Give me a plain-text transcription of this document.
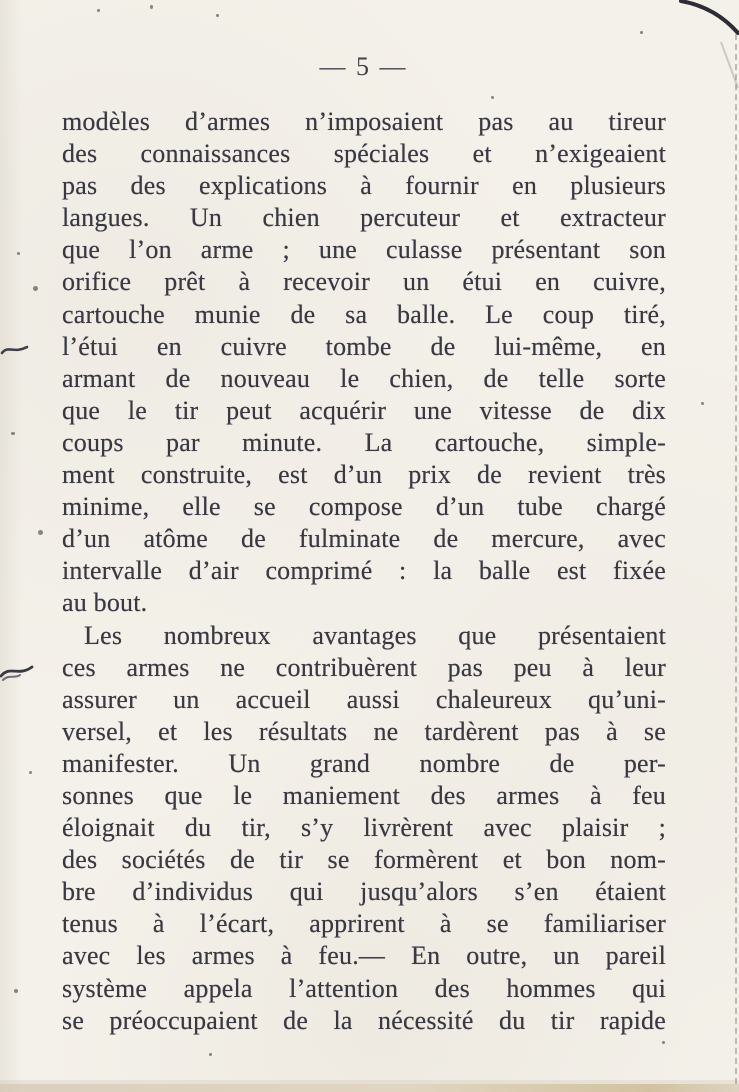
— 5 —
modèles d’armes n’imposaient pas au tireur
des connaissances spéciales et n’exigeaient
pas des explications à fournir en plusieurs
langues. Un chien percuteur et extracteur
que l’on arme ; une culasse présentant son
orifice prêt à recevoir un étui en cuivre,
cartouche munie de sa balle. Le coup tiré,
l’étui en cuivre tombe de lui-même, en
armant de nouveau le chien, de telle sorte
que le tir peut acquérir une vitesse de dix
coups par minute. La cartouche, simple-
ment construite, est d’un prix de revient très
minime, elle se compose d’un tube chargé
d’un atôme de fulminate de mercure, avec
intervalle d’air comprimé : la balle est fixée
au bout.
Les nombreux avantages que présentaient
ces armes ne contribuèrent pas peu à leur
assurer un accueil aussi chaleureux qu’uni-
versel, et les résultats ne tardèrent pas à se
manifester. Un grand nombre de per-
sonnes que le maniement des armes à feu
éloignait du tir, s’y livrèrent avec plaisir ;
des sociétés de tir se formèrent et bon nom-
bre d’individus qui jusqu’alors s’en étaient
tenus à l’écart, apprirent à se familiariser
avec les armes à feu.— En outre, un pareil
système appela l’attention des hommes qui
se préoccupaient de la nécessité du tir rapide
